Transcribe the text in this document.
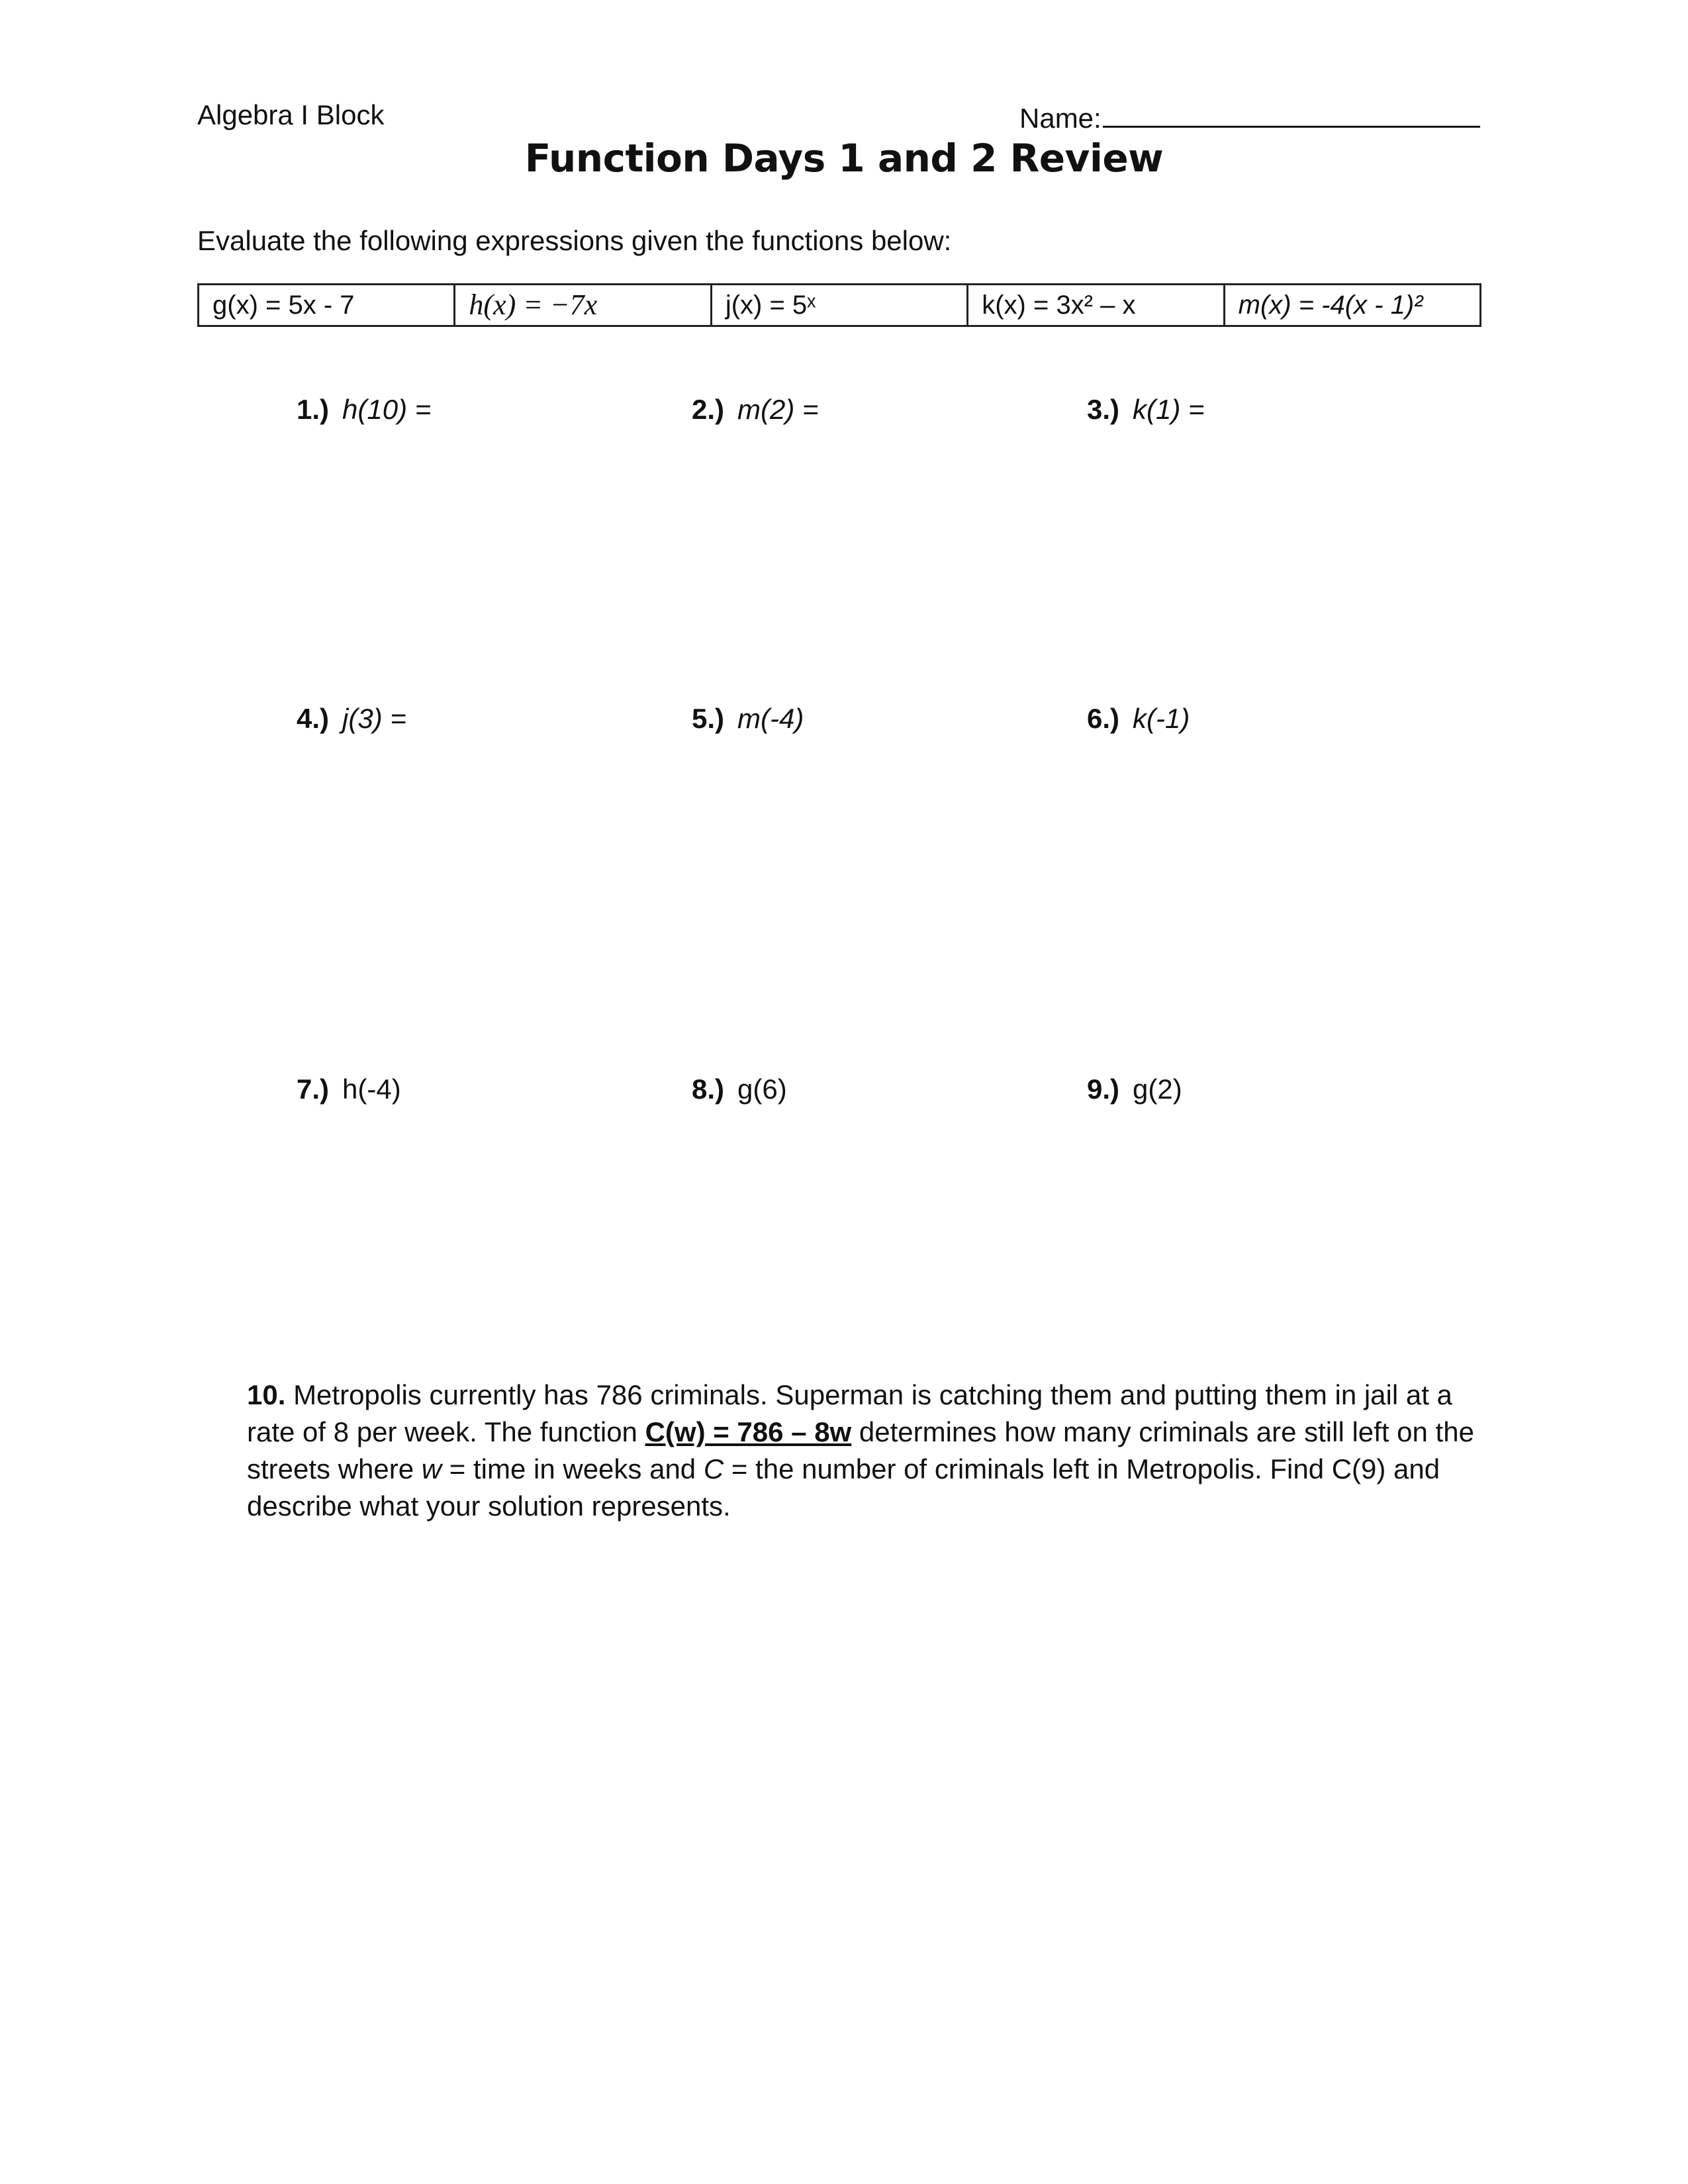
Algebra I Block	Name:
Function Days 1 and 2 Review
Evaluate the following expressions given the functions below:
g(x) = 5x - 7	h(x) = −7x	j(x) = 5ˣ	k(x) = 3x² – x	m(x) = -4(x - 1)²
1.) h(10) =	2.) m(2) =	3.) k(1) =
4.) j(3) =	5.) m(-4)	6.) k(-1)
7.) h(-4)	8.) g(6)	9.) g(2)
10. Metropolis currently has 786 criminals. Superman is catching them and putting them in jail at a rate of 8 per week. The function C(w) = 786 – 8w determines how many criminals are still left on the streets where w = time in weeks and C = the number of criminals left in Metropolis. Find C(9) and describe what your solution represents.
